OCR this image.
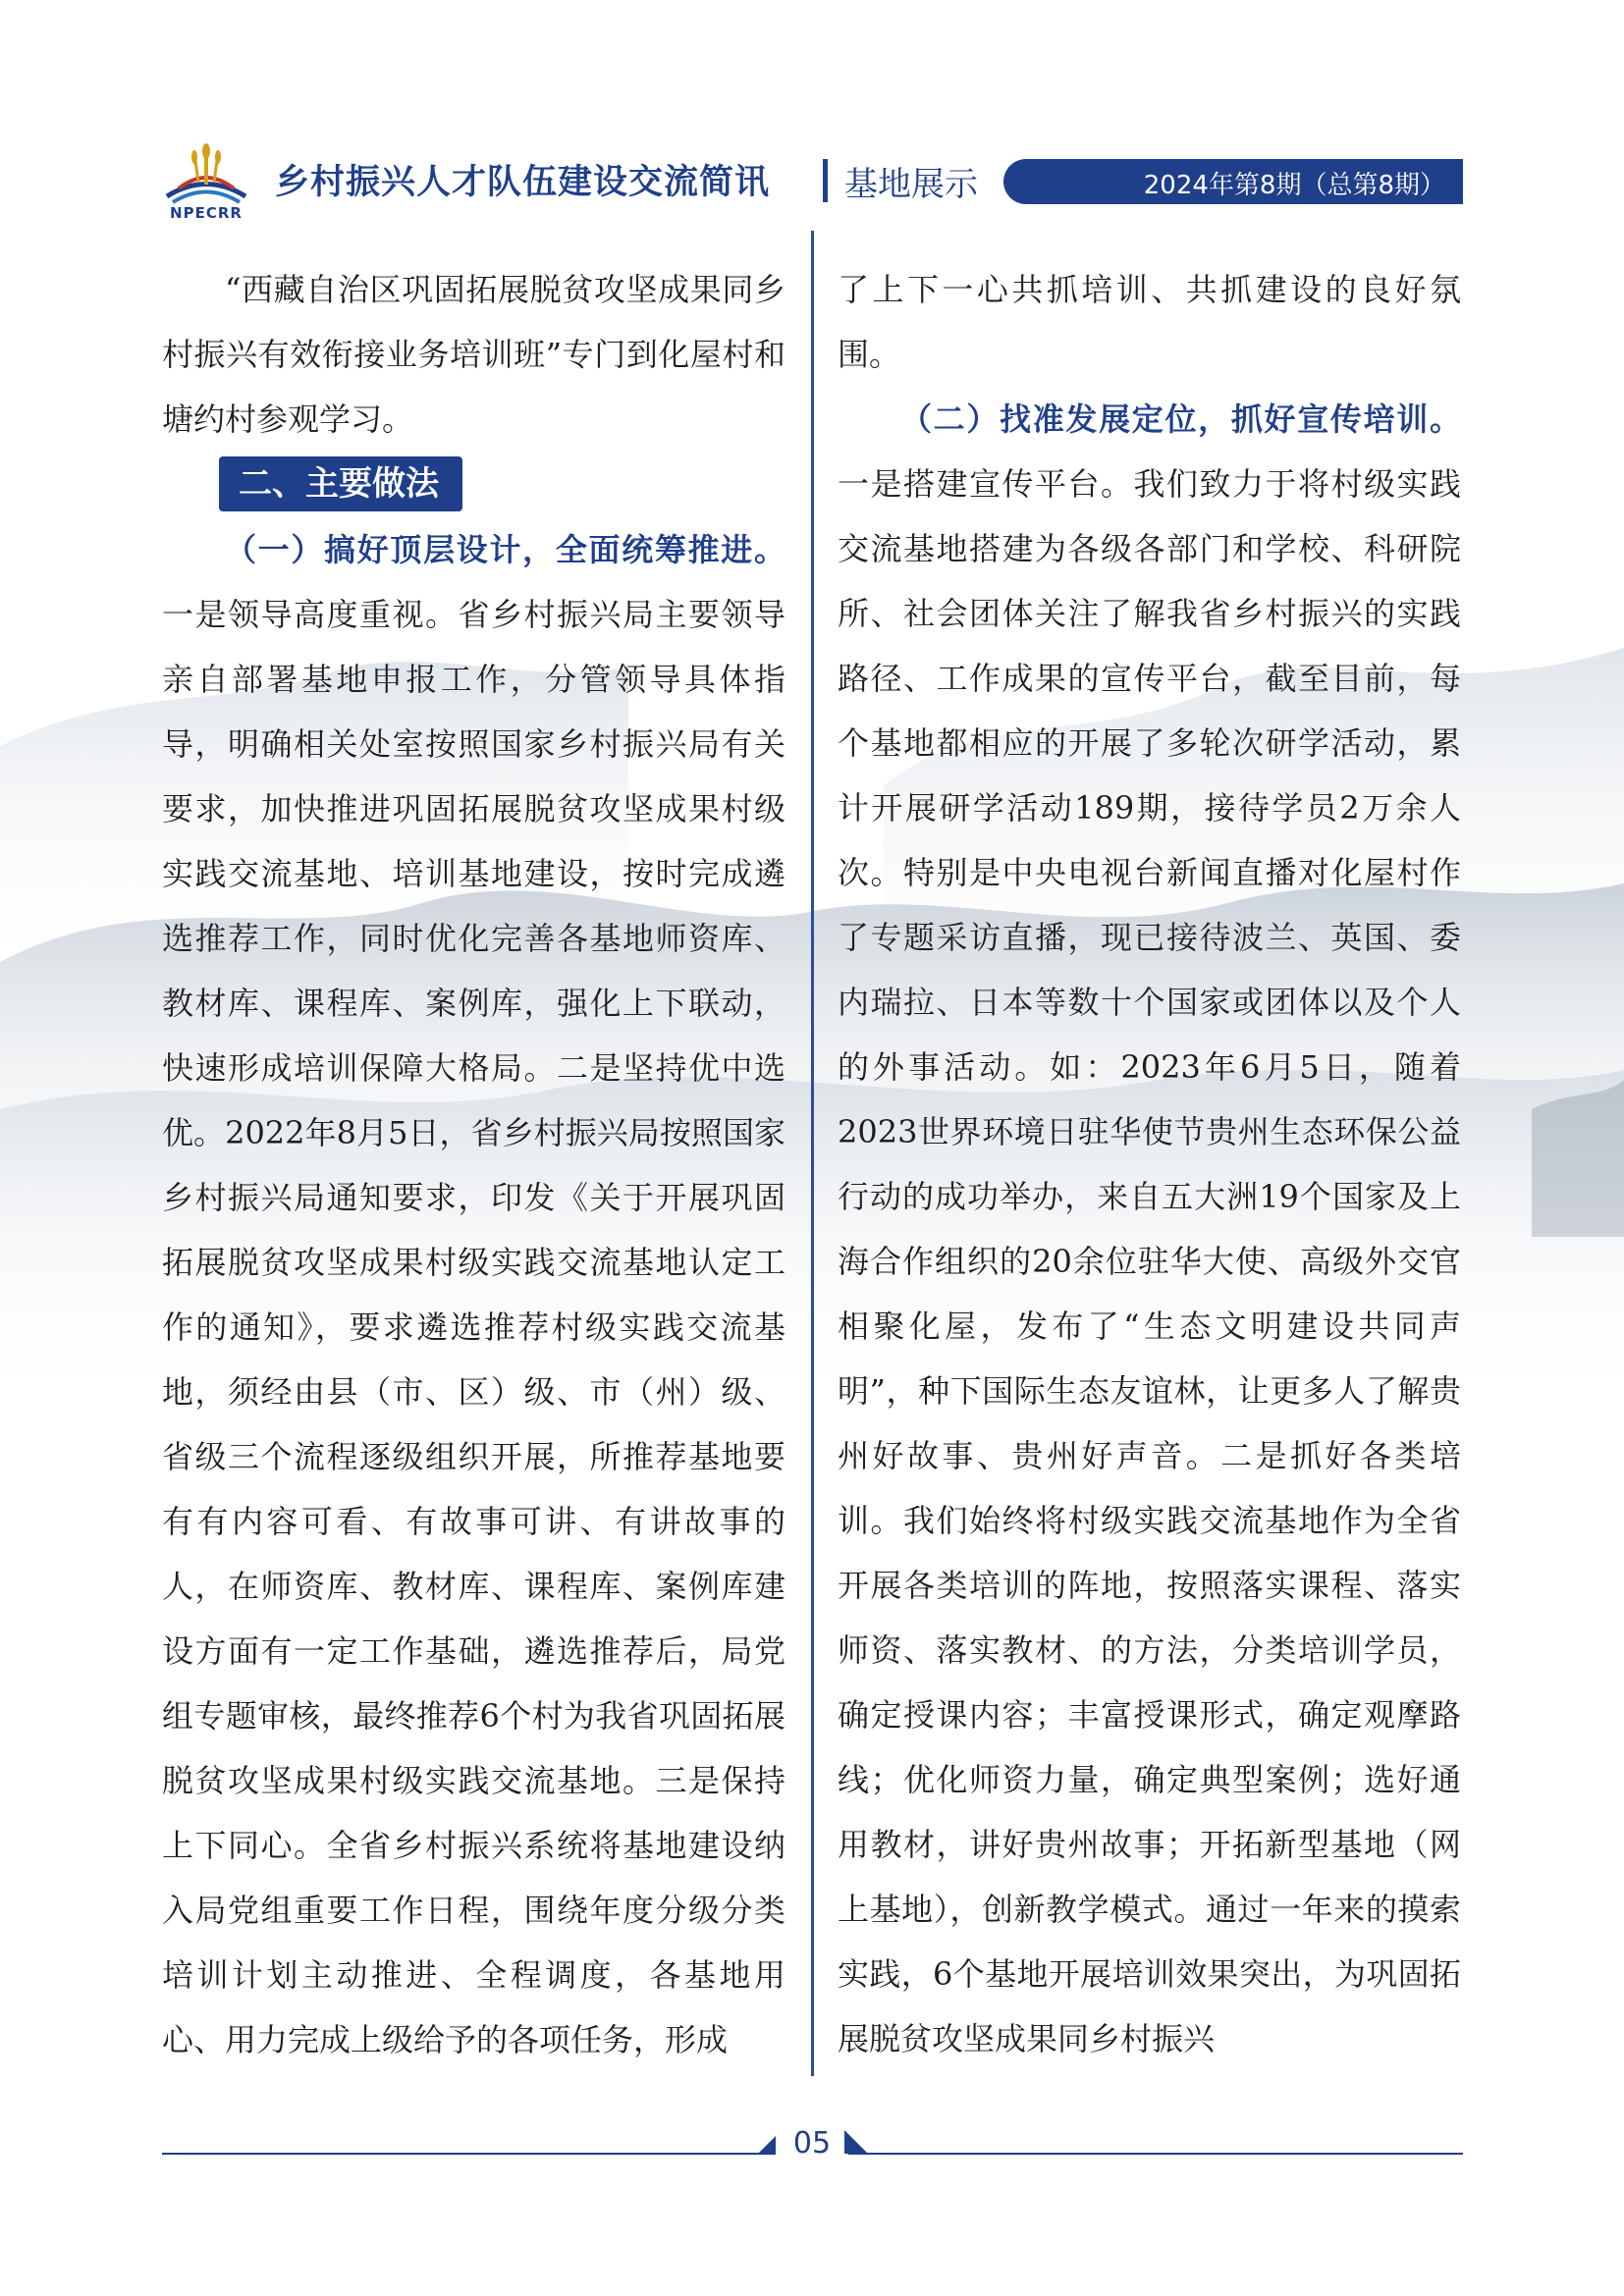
NPECRR
乡村振兴人才队伍建设交流简讯 基地展示	2024年第8期（总第8期）

“西藏自治区巩固拓展脱贫攻坚成果同乡村振兴有效衔接业务培训班”专门到化屋村和塘约村参观学习。

二、主要做法

（一）搞好顶层设计，全面统筹推进。一是领导高度重视。省乡村振兴局主要领导亲自部署基地申报工作，分管领导具体指导，明确相关处室按照国家乡村振兴局有关要求，加快推进巩固拓展脱贫攻坚成果村级实践交流基地、培训基地建设，按时完成遴选推荐工作，同时优化完善各基地师资库、教材库、课程库、案例库，强化上下联动，快速形成培训保障大格局。二是坚持优中选优。2022年8月5日，省乡村振兴局按照国家乡村振兴局通知要求，印发《关于开展巩固拓展脱贫攻坚成果村级实践交流基地认定工作的通知》，要求遴选推荐村级实践交流基地，须经由县（市、区）级、市（州）级、省级三个流程逐级组织开展，所推荐基地要有有内容可看、有故事可讲、有讲故事的人，在师资库、教材库、课程库、案例库建设方面有一定工作基础，遴选推荐后，局党组专题审核，最终推荐6个村为我省巩固拓展脱贫攻坚成果村级实践交流基地。三是保持上下同心。全省乡村振兴系统将基地建设纳入局党组重要工作日程，围绕年度分级分类培训计划主动推进、全程调度，各基地用心、用力完成上级给予的各项任务，形成

了上下一心共抓培训、共抓建设的良好氛围。

（二）找准发展定位，抓好宣传培训。一是搭建宣传平台。我们致力于将村级实践交流基地搭建为各级各部门和学校、科研院所、社会团体关注了解我省乡村振兴的实践路径、工作成果的宣传平台，截至目前，每个基地都相应的开展了多轮次研学活动，累计开展研学活动189期，接待学员2万余人次。特别是中央电视台新闻直播对化屋村作了专题采访直播，现已接待波兰、英国、委内瑞拉、日本等数十个国家或团体以及个人的外事活动。如：2023年6月5日，随着2023世界环境日驻华使节贵州生态环保公益行动的成功举办，来自五大洲19个国家及上海合作组织的20余位驻华大使、高级外交官相聚化屋，发布了“生态文明建设共同声明”，种下国际生态友谊林，让更多人了解贵州好故事、贵州好声音。二是抓好各类培训。我们始终将村级实践交流基地作为全省开展各类培训的阵地，按照落实课程、落实师资、落实教材、的方法，分类培训学员，确定授课内容；丰富授课形式，确定观摩路线；优化师资力量，确定典型案例；选好通用教材，讲好贵州故事；开拓新型基地（网上基地），创新教学模式。通过一年来的摸索实践，6个基地开展培训效果突出，为巩固拓展脱贫攻坚成果同乡村振兴

05
